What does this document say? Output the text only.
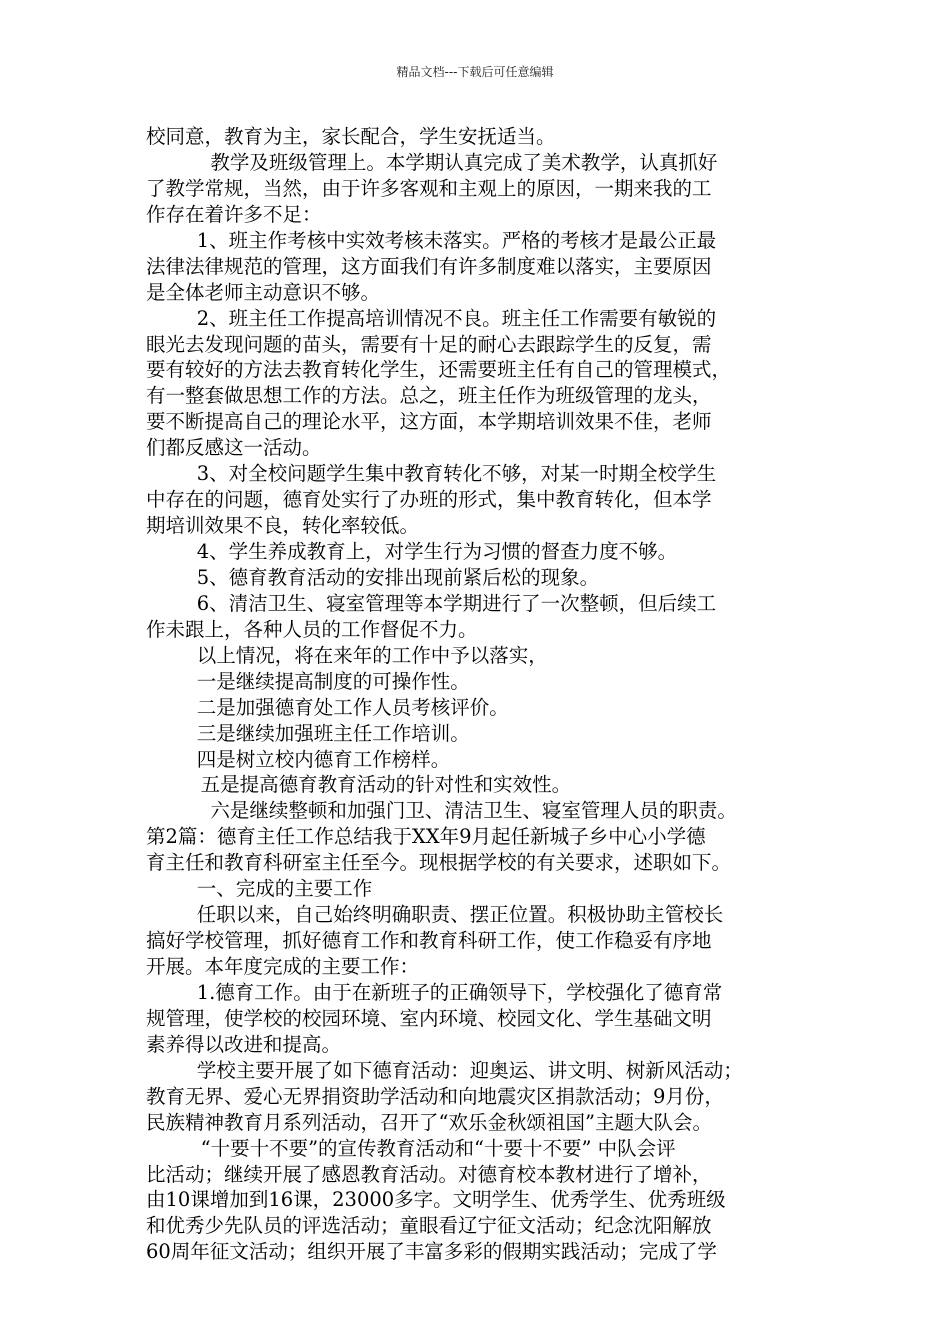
精品文档---下载后可任意编辑
校同意，教育为主，家长配合，学生安抚适当。
教学及班级管理上。本学期认真完成了美术教学，认真抓好
了教学常规，当然，由于许多客观和主观上的原因，一期来我的工
作存在着许多不足：
1、班主作考核中实效考核未落实。严格的考核才是最公正最
法律法律规范的管理，这方面我们有许多制度难以落实，主要原因
是全体老师主动意识不够。
2、班主任工作提高培训情况不良。班主任工作需要有敏锐的
眼光去发现问题的苗头，需要有十足的耐心去跟踪学生的反复，需
要有较好的方法去教育转化学生，还需要班主任有自己的管理模式，
有一整套做思想工作的方法。总之，班主任作为班级管理的龙头，
要不断提高自己的理论水平，这方面，本学期培训效果不佳，老师
们都反感这一活动。
3、对全校问题学生集中教育转化不够，对某一时期全校学生
中存在的问题，德育处实行了办班的形式，集中教育转化，但本学
期培训效果不良，转化率较低。
4、学生养成教育上，对学生行为习惯的督查力度不够。
5、德育教育活动的安排出现前紧后松的现象。
6、清洁卫生、寝室管理等本学期进行了一次整顿，但后续工
作未跟上，各种人员的工作督促不力。
以上情况，将在来年的工作中予以落实，
一是继续提高制度的可操作性。
二是加强德育处工作人员考核评价。
三是继续加强班主任工作培训。
四是树立校内德育工作榜样。
五是提高德育教育活动的针对性和实效性。
六是继续整顿和加强门卫、清洁卫生、寝室管理人员的职责。
第2篇：德育主任工作总结我于XX年9月起任新城子乡中心小学德
育主任和教育科研室主任至今。现根据学校的有关要求，述职如下。
一、完成的主要工作
任职以来，自己始终明确职责、摆正位置。积极协助主管校长
搞好学校管理，抓好德育工作和教育科研工作，使工作稳妥有序地
开展。本年度完成的主要工作：
1.德育工作。由于在新班子的正确领导下，学校强化了德育常
规管理，使学校的校园环境、室内环境、校园文化、学生基础文明
素养得以改进和提高。
学校主要开展了如下德育活动：迎奥运、讲文明、树新风活动；
教育无界、爱心无界捐资助学活动和向地震灾区捐款活动；9月份，
民族精神教育月系列活动，召开了“欢乐金秋颂祖国”主题大队会。
“十要十不要”的宣传教育活动和“十要十不要” 中队会评
比活动；继续开展了感恩教育活动。对德育校本教材进行了增补，
由10课增加到16课，23000多字。文明学生、优秀学生、优秀班级
和优秀少先队员的评选活动；童眼看辽宁征文活动；纪念沈阳解放
60周年征文活动；组织开展了丰富多彩的假期实践活动；完成了学
